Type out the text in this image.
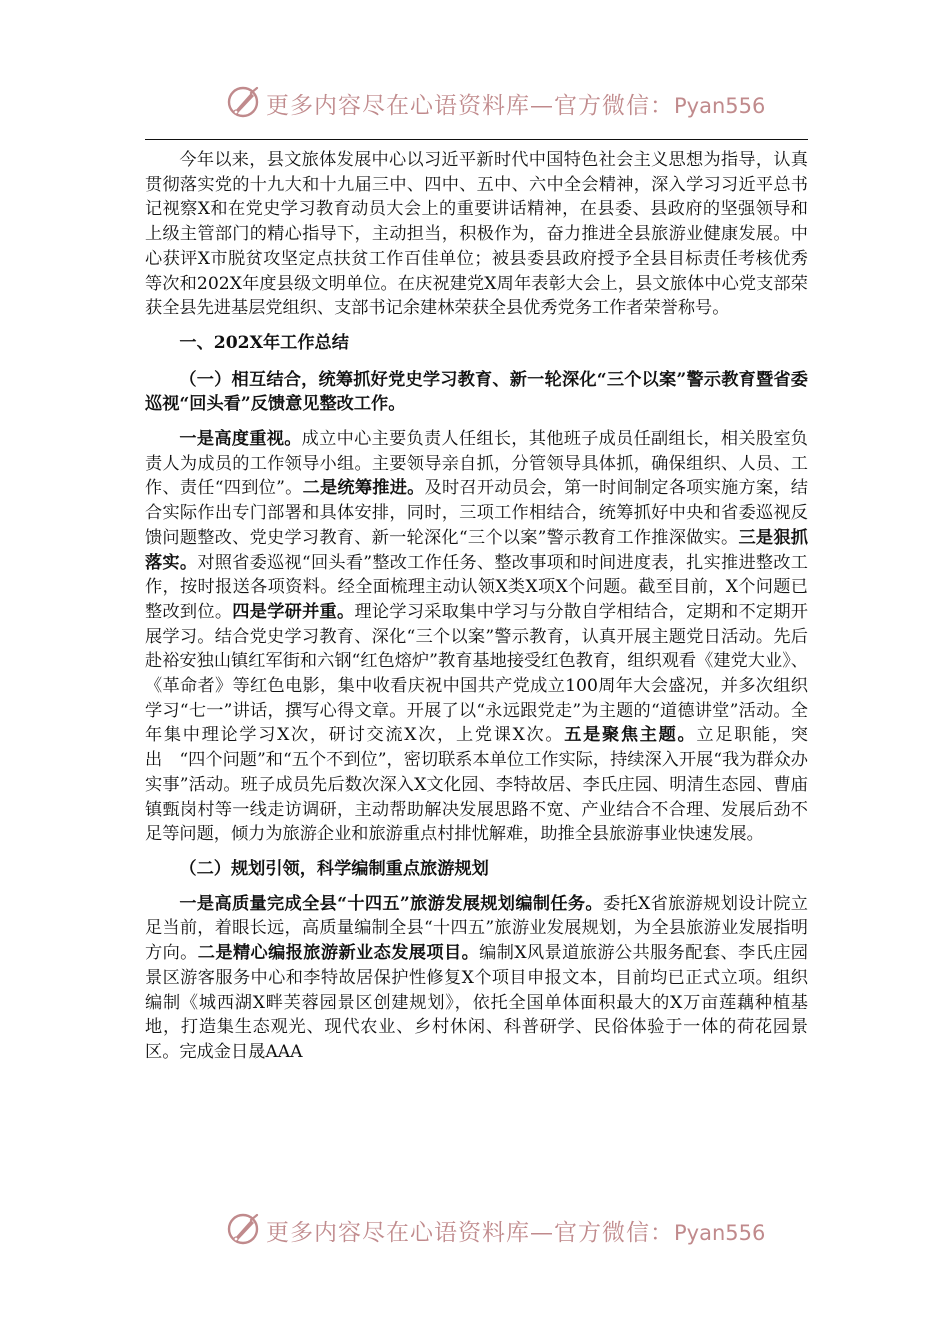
更多内容尽在心语资料库—官方微信：Pyan556

今年以来，县文旅体发展中心以习近平新时代中国特色社会主义思想为指导，认真贯彻落实党的十九大和十九届三中、四中、五中、六中全会精神，深入学习习近平总书记视察X和在党史学习教育动员大会上的重要讲话精神，在县委、县政府的坚强领导和上级主管部门的精心指导下，主动担当，积极作为，奋力推进全县旅游业健康发展。中心获评X市脱贫攻坚定点扶贫工作百佳单位；被县委县政府授予全县目标责任考核优秀等次和202X年度县级文明单位。在庆祝建党X周年表彰大会上，县文旅体中心党支部荣获全县先进基层党组织、支部书记余建林荣获全县优秀党务工作者荣誉称号。

一、202X年工作总结

（一）相互结合，统筹抓好党史学习教育、新一轮深化“三个以案”警示教育暨省委巡视“回头看”反馈意见整改工作。

一是高度重视。成立中心主要负责人任组长，其他班子成员任副组长，相关股室负责人为成员的工作领导小组。主要领导亲自抓，分管领导具体抓，确保组织、人员、工作、责任“四到位”。二是统筹推进。及时召开动员会，第一时间制定各项实施方案，结合实际作出专门部署和具体安排，同时，三项工作相结合，统筹抓好中央和省委巡视反馈问题整改、党史学习教育、新一轮深化“三个以案”警示教育工作推深做实。三是狠抓落实。对照省委巡视“回头看”整改工作任务、整改事项和时间进度表，扎实推进整改工作，按时报送各项资料。经全面梳理主动认领X类X项X个问题。截至目前，X个问题已整改到位。四是学研并重。理论学习采取集中学习与分散自学相结合，定期和不定期开展学习。结合党史学习教育、深化“三个以案”警示教育，认真开展主题党日活动。先后赴裕安独山镇红军街和六钢“红色熔炉”教育基地接受红色教育，组织观看《建党大业》、《革命者》等红色电影，集中收看庆祝中国共产党成立100周年大会盛况，并多次组织学习“七一”讲话，撰写心得文章。开展了以“永远跟党走”为主题的“道德讲堂”活动。全年集中理论学习X次，研讨交流X次，上党课X次。五是聚焦主题。立足职能，突出　“四个问题”和“五个不到位”，密切联系本单位工作实际，持续深入开展“我为群众办实事”活动。班子成员先后数次深入X文化园、李特故居、李氏庄园、明清生态园、曹庙镇甄岗村等一线走访调研，主动帮助解决发展思路不宽、产业结合不合理、发展后劲不足等问题，倾力为旅游企业和旅游重点村排忧解难，助推全县旅游事业快速发展。

（二）规划引领，科学编制重点旅游规划

一是高质量完成全县“十四五”旅游发展规划编制任务。委托X省旅游规划设计院立足当前，着眼长远，高质量编制全县“十四五”旅游业发展规划，为全县旅游业发展指明方向。二是精心编报旅游新业态发展项目。编制X风景道旅游公共服务配套、李氏庄园景区游客服务中心和李特故居保护性修复X个项目申报文本，目前均已正式立项。组织编制《城西湖X畔芙蓉园景区创建规划》，依托全国单体面积最大的X万亩莲藕种植基地，打造集生态观光、现代农业、乡村休闲、科普研学、民俗体验于一体的荷花园景区。完成金日晟AAA

更多内容尽在心语资料库—官方微信：Pyan556
